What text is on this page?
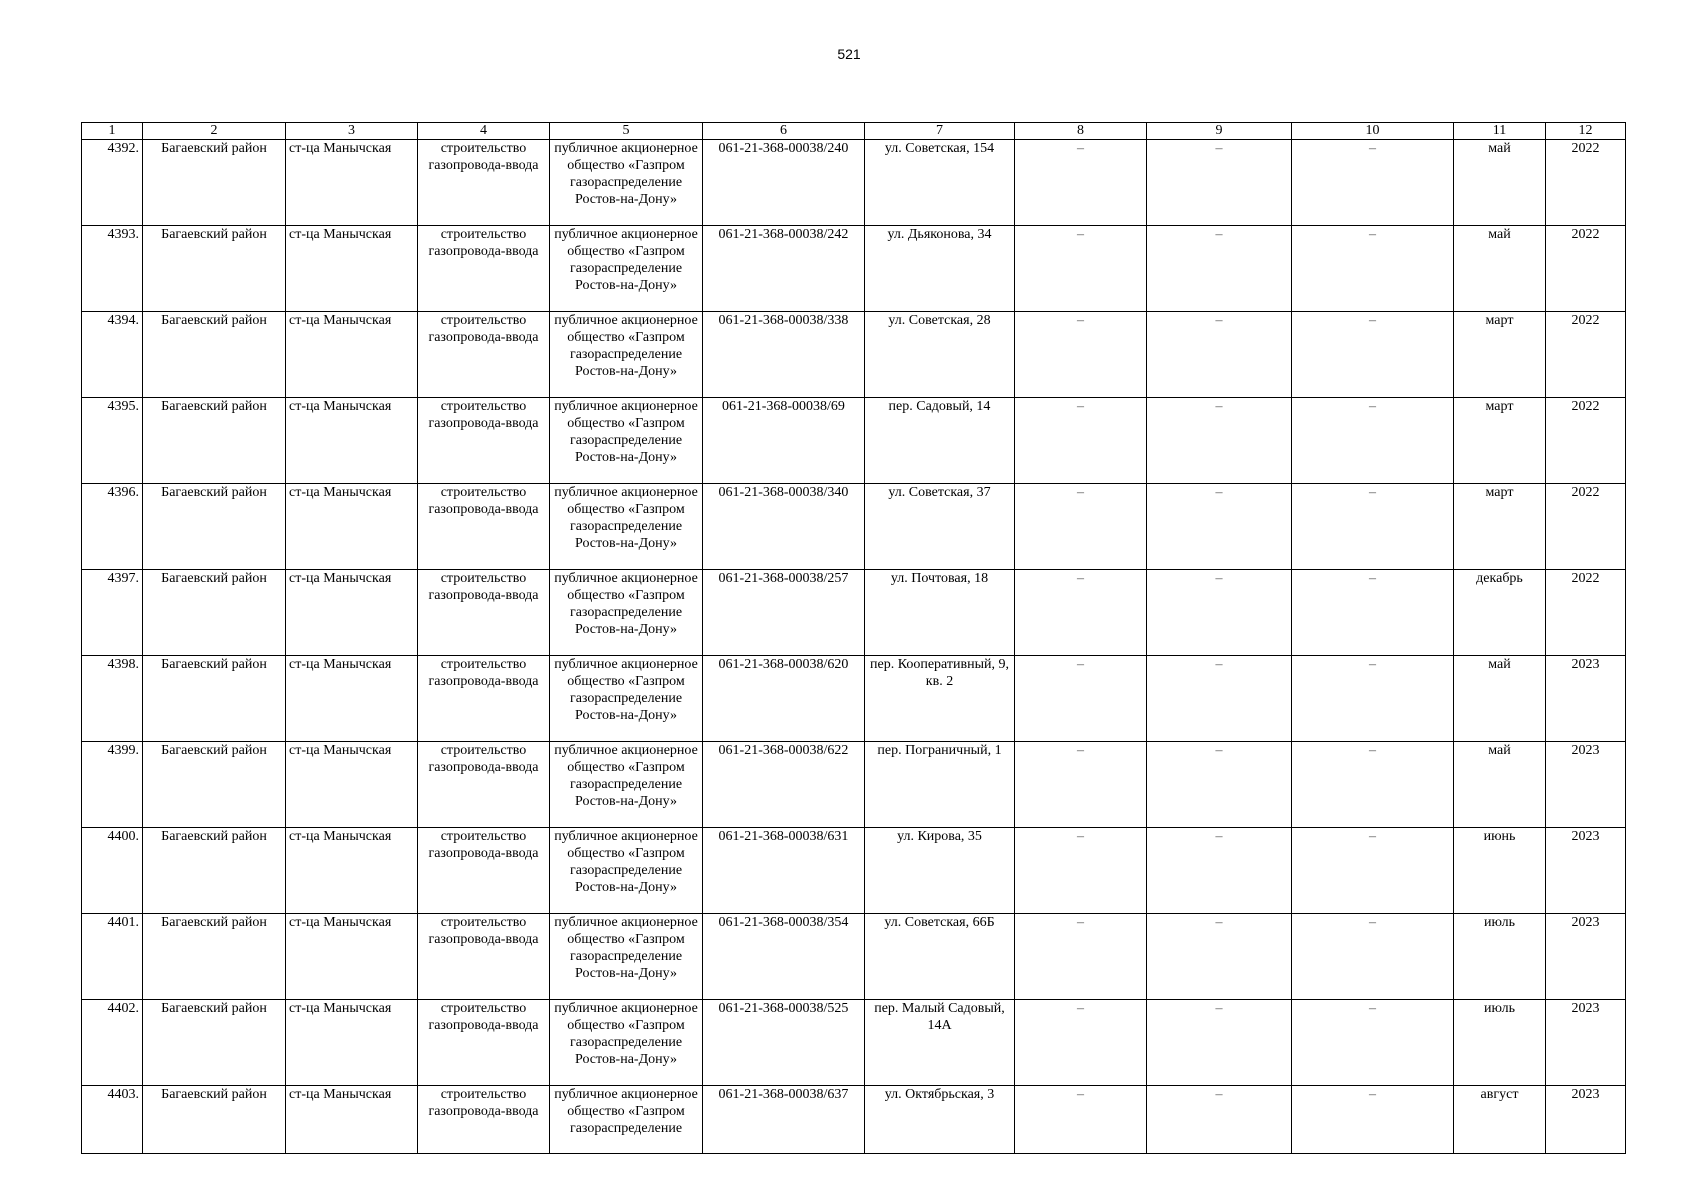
521
1	2	3	4	5	6	7	8	9	10	11	12
4392.	Багаевский район	ст-ца Манычская	строительство газопровода-ввода	публичное акционерное общество «Газпром газораспределение Ростов-на-Дону»	061-21-368-00038/240	ул. Советская, 154	–	–	–	май	2022
4393.	Багаевский район	ст-ца Манычская	строительство газопровода-ввода	публичное акционерное общество «Газпром газораспределение Ростов-на-Дону»	061-21-368-00038/242	ул. Дьяконова, 34	–	–	–	май	2022
4394.	Багаевский район	ст-ца Манычская	строительство газопровода-ввода	публичное акционерное общество «Газпром газораспределение Ростов-на-Дону»	061-21-368-00038/338	ул. Советская, 28	–	–	–	март	2022
4395.	Багаевский район	ст-ца Манычская	строительство газопровода-ввода	публичное акционерное общество «Газпром газораспределение Ростов-на-Дону»	061-21-368-00038/69	пер. Садовый, 14	–	–	–	март	2022
4396.	Багаевский район	ст-ца Манычская	строительство газопровода-ввода	публичное акционерное общество «Газпром газораспределение Ростов-на-Дону»	061-21-368-00038/340	ул. Советская, 37	–	–	–	март	2022
4397.	Багаевский район	ст-ца Манычская	строительство газопровода-ввода	публичное акционерное общество «Газпром газораспределение Ростов-на-Дону»	061-21-368-00038/257	ул. Почтовая, 18	–	–	–	декабрь	2022
4398.	Багаевский район	ст-ца Манычская	строительство газопровода-ввода	публичное акционерное общество «Газпром газораспределение Ростов-на-Дону»	061-21-368-00038/620	пер. Кооперативный, 9, кв. 2	–	–	–	май	2023
4399.	Багаевский район	ст-ца Манычская	строительство газопровода-ввода	публичное акционерное общество «Газпром газораспределение Ростов-на-Дону»	061-21-368-00038/622	пер. Пограничный, 1	–	–	–	май	2023
4400.	Багаевский район	ст-ца Манычская	строительство газопровода-ввода	публичное акционерное общество «Газпром газораспределение Ростов-на-Дону»	061-21-368-00038/631	ул. Кирова, 35	–	–	–	июнь	2023
4401.	Багаевский район	ст-ца Манычская	строительство газопровода-ввода	публичное акционерное общество «Газпром газораспределение Ростов-на-Дону»	061-21-368-00038/354	ул. Советская, 66Б	–	–	–	июль	2023
4402.	Багаевский район	ст-ца Манычская	строительство газопровода-ввода	публичное акционерное общество «Газпром газораспределение Ростов-на-Дону»	061-21-368-00038/525	пер. Малый Садовый, 14А	–	–	–	июль	2023
4403.	Багаевский район	ст-ца Манычская	строительство газопровода-ввода	публичное акционерное общество «Газпром газораспределение	061-21-368-00038/637	ул. Октябрьская, 3	–	–	–	август	2023
